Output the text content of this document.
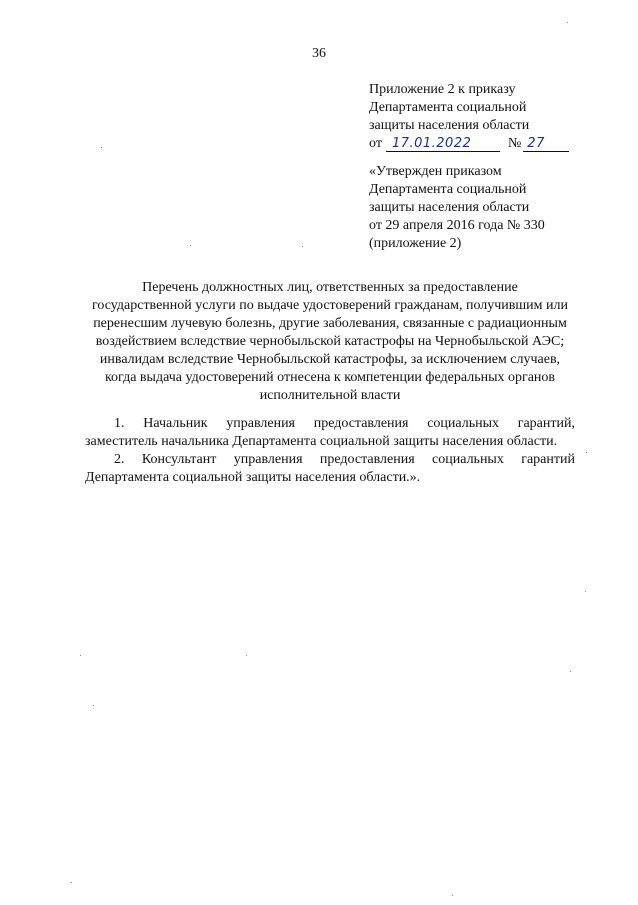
36
Приложение 2 к приказу
Департамента социальной
защиты населения области
от 17.01.2022	№ 27
«Утвержден приказом
Департамента социальной
защиты населения области
от 29 апреля 2016 года № 330
(приложение 2)
Перечень должностных лиц, ответственных за предоставление
государственной услуги по выдаче удостоверений гражданам, получившим или
перенесшим лучевую болезнь, другие заболевания, связанные с радиационным
воздействием вследствие чернобыльской катастрофы на Чернобыльской АЭС;
инвалидам вследствие Чернобыльской катастрофы, за исключением случаев,
когда выдача удостоверений отнесена к компетенции федеральных органов
исполнительной власти
1. Начальник управления предоставления социальных гарантий,
заместитель начальника Департамента социальной защиты населения области.
2. Консультант управления предоставления социальных гарантий
Департамента социальной защиты населения области.».
